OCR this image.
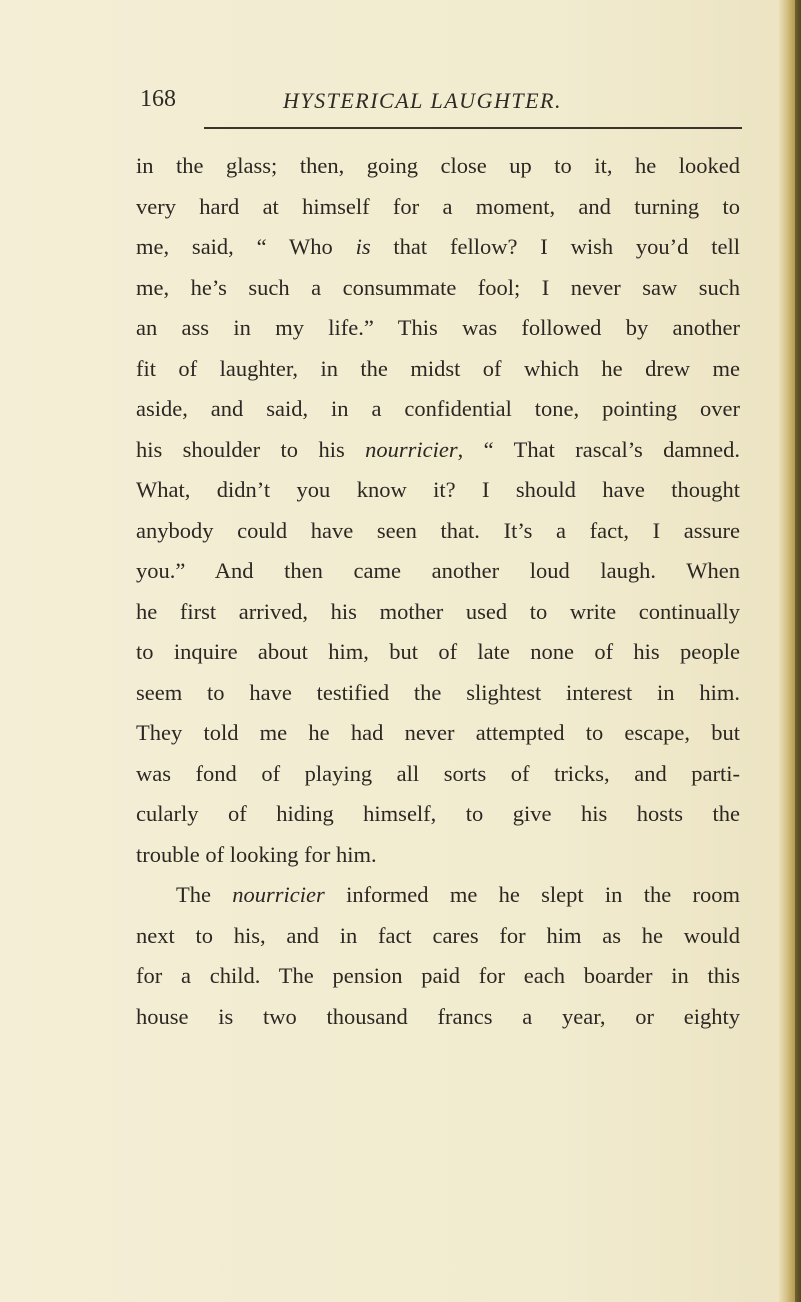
168	HYSTERICAL LAUGHTER.
in the glass; then, going close up to it, he looked
very hard at himself for a moment, and turning to
me, said, “ Who is that fellow? I wish you’d tell
me, he’s such a consummate fool; I never saw such
an ass in my life.” This was followed by another
fit of laughter, in the midst of which he drew me
aside, and said, in a confidential tone, pointing over
his shoulder to his nourricier, “ That rascal’s damned.
What, didn’t you know it? I should have thought
anybody could have seen that. It’s a fact, I assure
you.” And then came another loud laugh. When
he first arrived, his mother used to write continually
to inquire about him, but of late none of his people
seem to have testified the slightest interest in him.
They told me he had never attempted to escape, but
was fond of playing all sorts of tricks, and parti-
cularly of hiding himself, to give his hosts the
trouble of looking for him.
The nourricier informed me he slept in the room
next to his, and in fact cares for him as he would
for a child. The pension paid for each boarder in this
house is two thousand francs a year, or eighty
